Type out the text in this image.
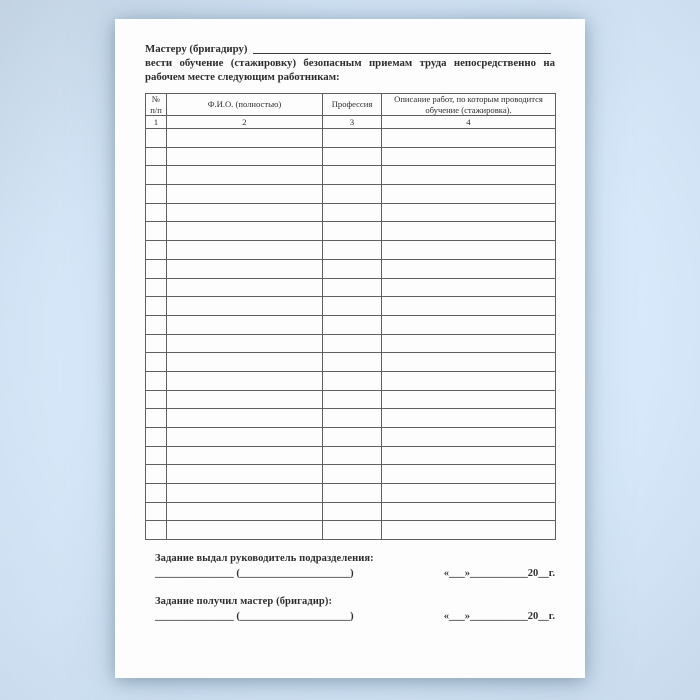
Мастеру (бригадиру)

вести обучение (стажировку) безопасным приемам труда непосредственно на рабочем месте следующим работникам:

№ п/п	Ф.И.О. (полностью)	Профессия	Описание работ, по которым проводится обучение (стажировка).
1	2	3	4

Задание выдал руководитель подразделения:
_______________ (_____________________)	«___»___________20__г.
Задание получил мастер (бригадир):
_______________ (_____________________)	«___»___________20__г.
